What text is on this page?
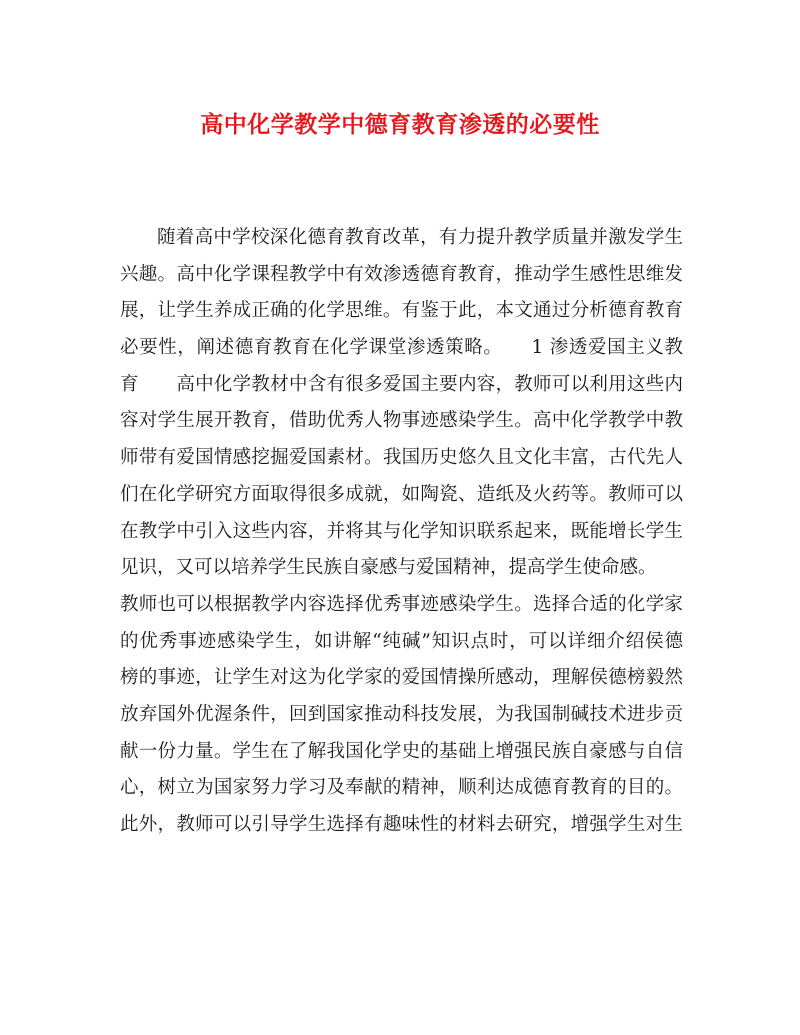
高中化学教学中德育教育渗透的必要性
随着高中学校深化德育教育改革，有力提升教学质量并激发学生
兴趣。高中化学课程教学中有效渗透德育教育，推动学生感性思维发
展，让学生养成正确的化学思维。有鉴于此，本文通过分析德育教育
必要性，阐述德育教育在化学课堂渗透策略。　　1 渗透爱国主义教
育　　高中化学教材中含有很多爱国主要内容，教师可以利用这些内
容对学生展开教育，借助优秀人物事迹感染学生。高中化学教学中教
师带有爱国情感挖掘爱国素材。我国历史悠久且文化丰富，古代先人
们在化学研究方面取得很多成就，如陶瓷、造纸及火药等。教师可以
在教学中引入这些内容，并将其与化学知识联系起来，既能增长学生
见识，又可以培养学生民族自豪感与爱国精神，提高学生使命感。
教师也可以根据教学内容选择优秀事迹感染学生。选择合适的化学家
的优秀事迹感染学生，如讲解“纯碱”知识点时，可以详细介绍侯德
榜的事迹，让学生对这为化学家的爱国情操所感动，理解侯德榜毅然
放弃国外优渥条件，回到国家推动科技发展，为我国制碱技术进步贡
献一份力量。学生在了解我国化学史的基础上增强民族自豪感与自信
心，树立为国家努力学习及奉献的精神，顺利达成德育教育的目的。
此外，教师可以引导学生选择有趣味性的材料去研究，增强学生对生
